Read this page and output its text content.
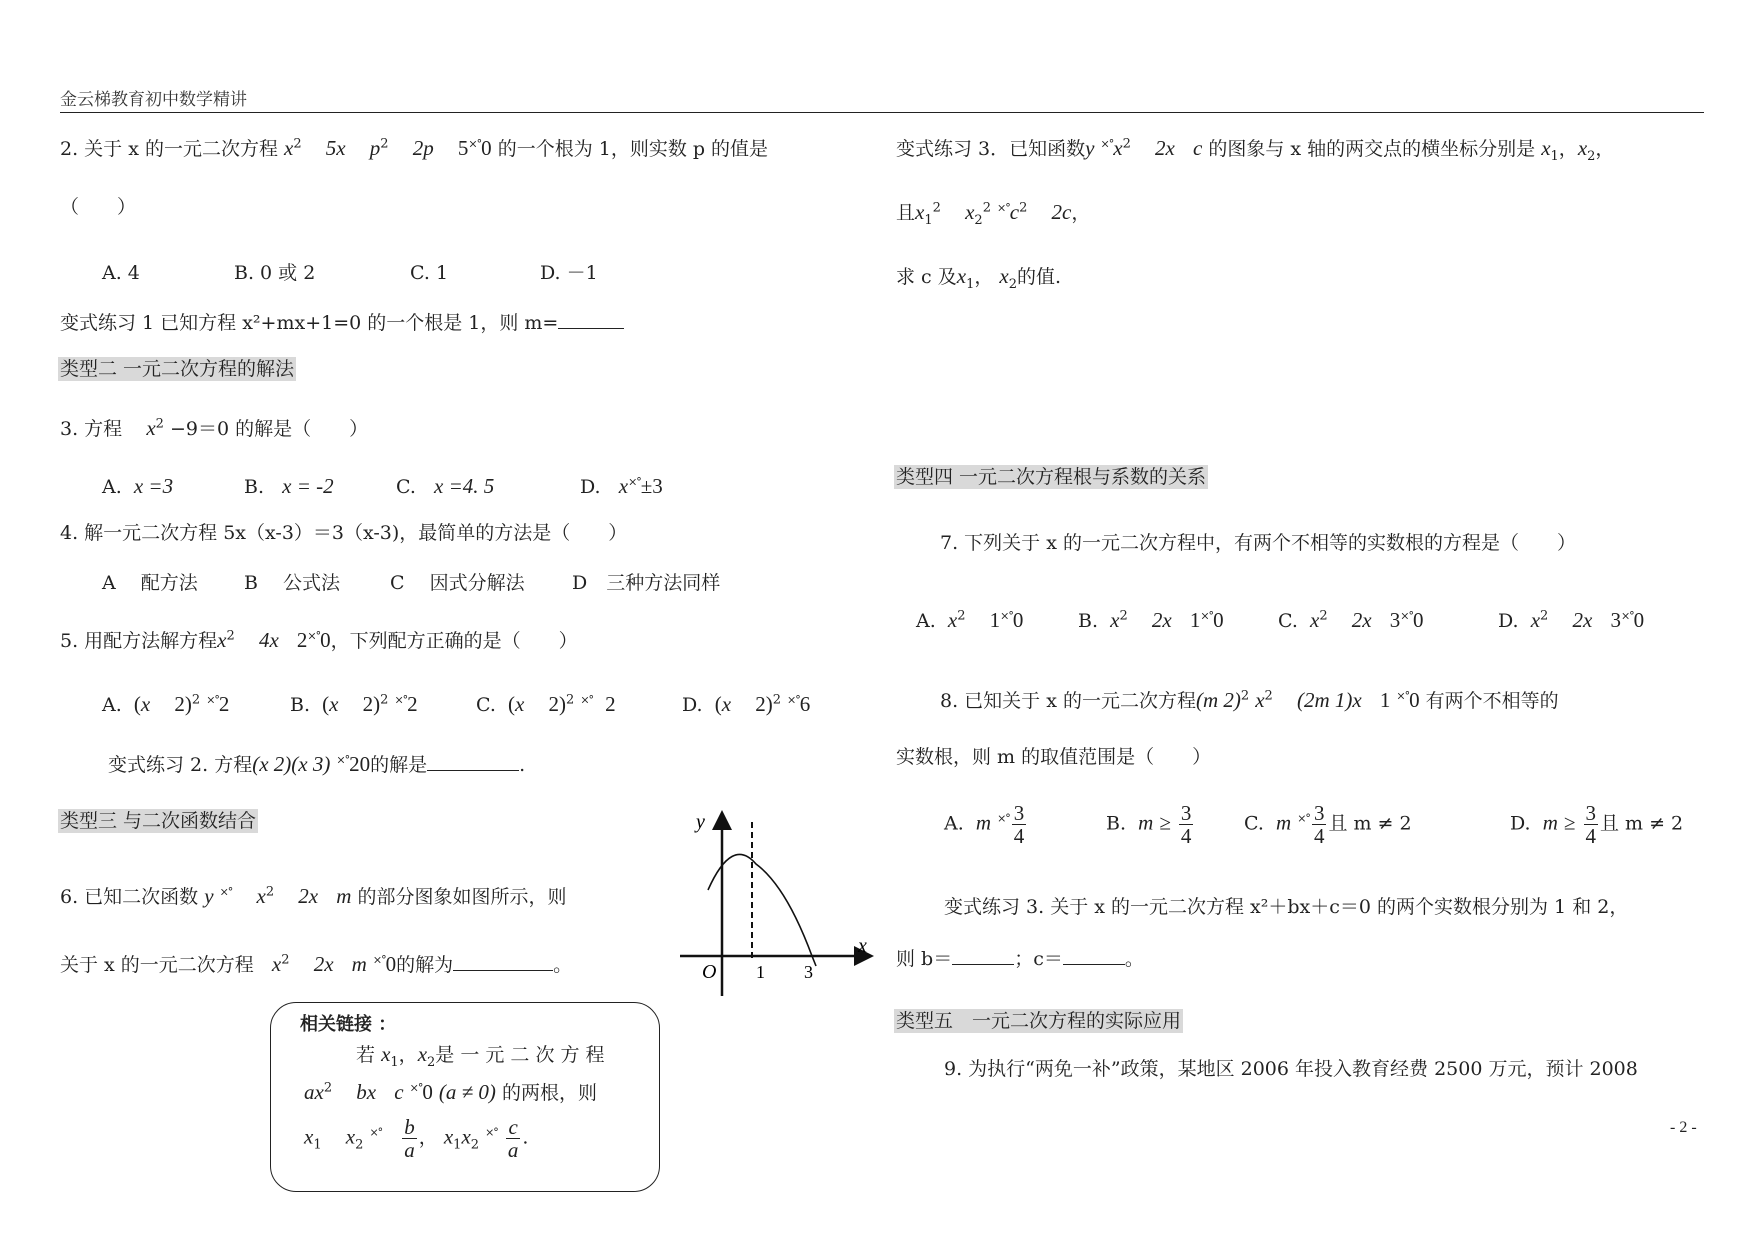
金云梯教育初中数学精讲
2. 关于 x 的一元二次方程 $x^2$ 5x $p^2$ 2p 5×°0 的一个根为 1，则实数 p 的值是
（　　）
A. 4	B. 0 或 2	C. 1	D. －1
变式练习 1 已知方程 x²+mx+1=0 的一个根是 1，则 m=
类型二 一元二次方程的解法
3. 方程 $x^2 -9=0$ 的解是（　　）
A. x =3	B. x = -2	C. x =4. 5	D. x×°±3
4. 解一元二次方程 5x（x-3）＝3（x-3)，最简单的方法是（　　）
A　 配方法 B　 公式法	C　 因式分解法 D　三种方法同样
5. 用配方法解方程$x^2$ 4x 2×°0，下列配方正确的是（　　）
A. (x 2)$^2$ ×°2	B. (x 2)$^2$ ×°2	C. (x 2)$^2$ ×° 2	D. (x 2)$^2$ ×°6
变式练习 2. 方程(x 2)(x 3) ×°20的解是	.
类型三 与二次函数结合
6. 已知二次函数 y ×° $x^2$ 2x m 的部分图象如图所示，则
关于 x 的一元二次方程 $x^2$ 2x m ×°0的解为	。
y
x
O 1 3
相关链接 ：
若 $x_1$，$x_2$是 一 元 二 次 方 程
$ax^2$ bx c ×°0 (a ≠ 0) 的两根，则
$x_1$ $x_2$ $^{\times^\circ} \frac{b}{a}$ ， $x_1x_2$ $^{\times^\circ} \frac{c}{a}$ .
变式练习 3．已知函数y $^{\times^\circ}x^2$ 2x c 的图象与 x 轴的两交点的横坐标分别是 $x_1$，$x_2$，
且$x_1^2$ $x_2^2$ $^{\times^\circ}c^2$ 2c，
求 c 及$x_1$， $x_2$的值.
类型四 一元二次方程根与系数的关系
7. 下列关于 x 的一元二次方程中，有两个不相等的实数根的方程是（　　）
A. $x^2$ 1×°0	B. $x^2$ 2x 1×°0	C. $x^2$ 2x 3×°0	D. $x^2$ 2x 3×°0
8. 已知关于 x 的一元二次方程(m 2)$^2$ $x^2$ (2m 1)x 1 ×°0 有两个不相等的
实数根，则 m 的取值范围是（　　）
A. m $^{\times^\circ} \frac{3}{4}$	B. $m \ge \frac{3}{4}$	C. m $^{\times^\circ} \frac{3}{4}$ 且 m ≠ 2	D. $m \ge \frac{3}{4}$ 且 m ≠ 2
变式练习 3. 关于 x 的一元二次方程 x²＋bx＋c＝0 的两个实数根分别为 1 和 2，
则 b＝	；c＝	。
类型五　一元二次方程的实际应用
9. 为执行“两免一补”政策，某地区 2006 年投入教育经费 2500 万元，预计 2008
- 2 -
